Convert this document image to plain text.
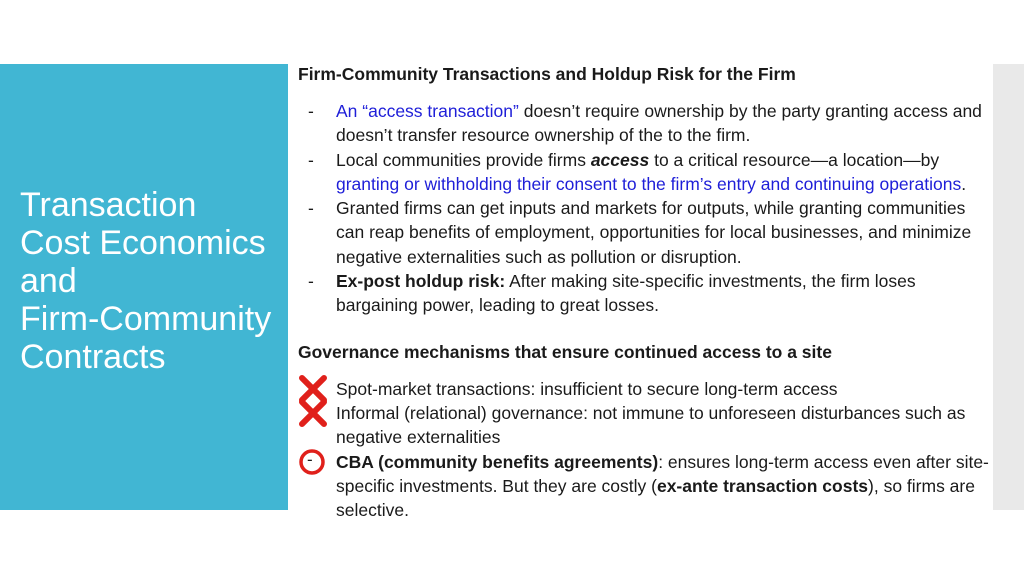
Transaction
Cost Economics
and
Firm-Community
Contracts
Firm-Community Transactions and Holdup Risk for the Firm
- An “access transaction” doesn’t require ownership by the party granting access and doesn’t transfer resource ownership of the to the firm.
- Local communities provide firms access to a critical resource—a location—by granting or withholding their consent to the firm’s entry and continuing operations.
- Granted firms can get inputs and markets for outputs, while granting communities can reap benefits of employment, opportunities for local businesses, and minimize negative externalities such as pollution or disruption.
- Ex-post holdup risk: After making site-specific investments, the firm loses bargaining power, leading to great losses.
Governance mechanisms that ensure continued access to a site
Spot-market transactions: insufficient to secure long-term access
Informal (relational) governance: not immune to unforeseen disturbances such as negative externalities
- CBA (community benefits agreements): ensures long-term access even after site-specific investments. But they are costly (ex-ante transaction costs), so firms are selective.
